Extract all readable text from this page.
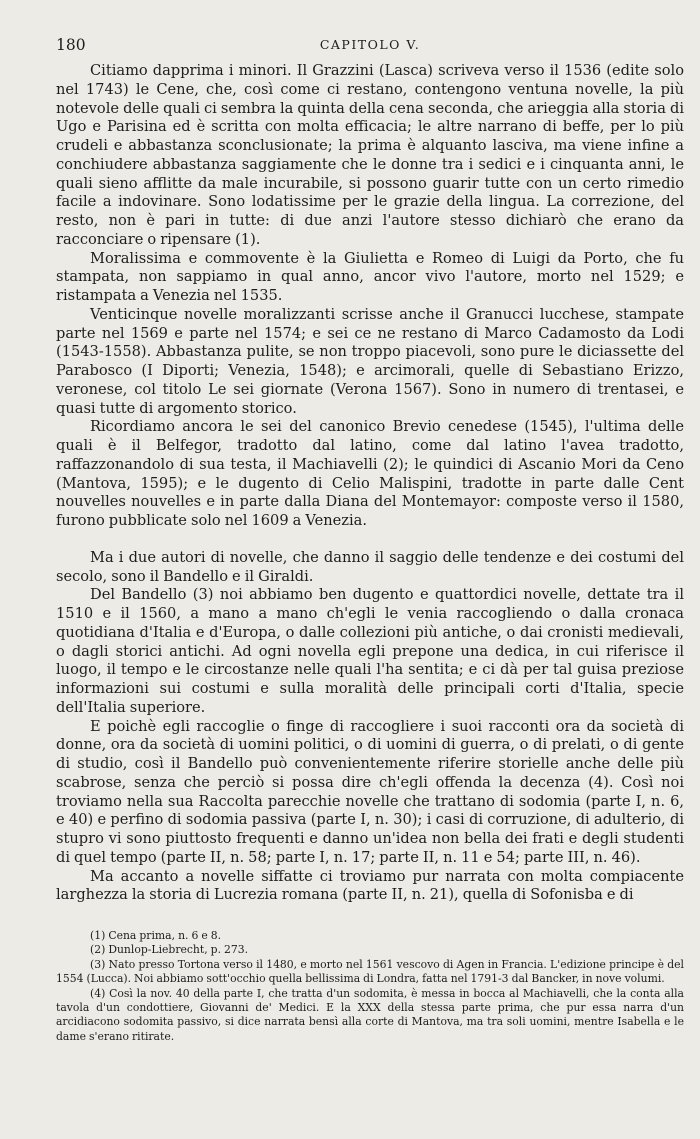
180	CAPITOLO V.

Citiamo dapprima i minori. Il Grazzini (Lasca) scriveva verso il 1536 (edite solo nel 1743) le Cene, che, così come ci restano, contengono ventuna novelle, la più notevole delle quali ci sembra la quinta della cena seconda, che arieggia alla storia di Ugo e Parisina ed è scritta con molta efficacia; le altre narrano di beffe, per lo più crudeli e abbastanza sconclusionate; la prima è alquanto lasciva, ma viene infine a conchiudere abbastanza saggiamente che le donne tra i sedici e i cinquanta anni, le quali sieno afflitte da male incurabile, si possono guarir tutte con un certo rimedio facile a indovinare. Sono lodatissime per le grazie della lingua. La correzione, del resto, non è pari in tutte: di due anzi l'autore stesso dichiarò che erano da racconciare o ripensare (1).

Moralissima e commovente è la Giulietta e Romeo di Luigi da Porto, che fu stampata, non sappiamo in qual anno, ancor vivo l'autore, morto nel 1529; e ristampata a Venezia nel 1535.

Venticinque novelle moralizzanti scrisse anche il Granucci lucchese, stampate parte nel 1569 e parte nel 1574; e sei ce ne restano di Marco Cadamosto da Lodi (1543-1558). Abbastanza pulite, se non troppo piacevoli, sono pure le diciassette del Parabosco (I Diporti; Venezia, 1548); e arcimorali, quelle di Sebastiano Erizzo, veronese, col titolo Le sei giornate (Verona 1567). Sono in numero di trentasei, e quasi tutte di argomento storico.

Ricordiamo ancora le sei del canonico Brevio cenedese (1545), l'ultima delle quali è il Belfegor, tradotto dal latino, come dal latino l'avea tradotto, raffazzonandolo di sua testa, il Machiavelli (2); le quindici di Ascanio Mori da Ceno (Mantova, 1595); e le dugento di Celio Malispini, tradotte in parte dalle Cent nouvelles nouvelles e in parte dalla Diana del Montemayor: composte verso il 1580, furono pubblicate solo nel 1609 a Venezia.

Ma i due autori di novelle, che danno il saggio delle tendenze e dei costumi del secolo, sono il Bandello e il Giraldi.

Del Bandello (3) noi abbiamo ben dugento e quattordici novelle, dettate tra il 1510 e il 1560, a mano a mano ch'egli le venia raccogliendo o dalla cronaca quotidiana d'Italia e d'Europa, o dalle collezioni più antiche, o dai cronisti medievali, o dagli storici antichi. Ad ogni novella egli prepone una dedica, in cui riferisce il luogo, il tempo e le circostanze nelle quali l'ha sentita; e ci dà per tal guisa preziose informazioni sui costumi e sulla moralità delle principali corti d'Italia, specie dell'Italia superiore.

E poichè egli raccoglie o finge di raccogliere i suoi racconti ora da società di donne, ora da società di uomini politici, o di uomini di guerra, o di prelati, o di gente di studio, così il Bandello può convenientemente riferire storielle anche delle più scabrose, senza che perciò si possa dire ch'egli offenda la decenza (4). Così noi troviamo nella sua Raccolta parecchie novelle che trattano di sodomia (parte I, n. 6, e 40) e perfino di sodomia passiva (parte I, n. 30); i casi di corruzione, di adulterio, di stupro vi sono piuttosto frequenti e danno un'idea non bella dei frati e degli studenti di quel tempo (parte II, n. 58; parte I, n. 17; parte II, n. 11 e 54; parte III, n. 46).

Ma accanto a novelle siffatte ci troviamo pur narrata con molta compiacente larghezza la storia di Lucrezia romana (parte II, n. 21), quella di Sofonisba e di

(1) Cena prima, n. 6 e 8.

(2) Dunlop-Liebrecht, p. 273.

(3) Nato presso Tortona verso il 1480, e morto nel 1561 vescovo di Agen in Francia. L'edizione principe è del 1554 (Lucca). Noi abbiamo sott'occhio quella bellissima di Londra, fatta nel 1791-3 dal Bancker, in nove volumi.

(4) Così la nov. 40 della parte I, che tratta d'un sodomita, è messa in bocca al Machiavelli, che la conta alla tavola d'un condottiere, Giovanni de' Medici. E la XXX della stessa parte prima, che pur essa narra d'un arcidiacono sodomita passivo, si dice narrata bensì alla corte di Mantova, ma tra soli uomini, mentre Isabella e le dame s'erano ritirate.
